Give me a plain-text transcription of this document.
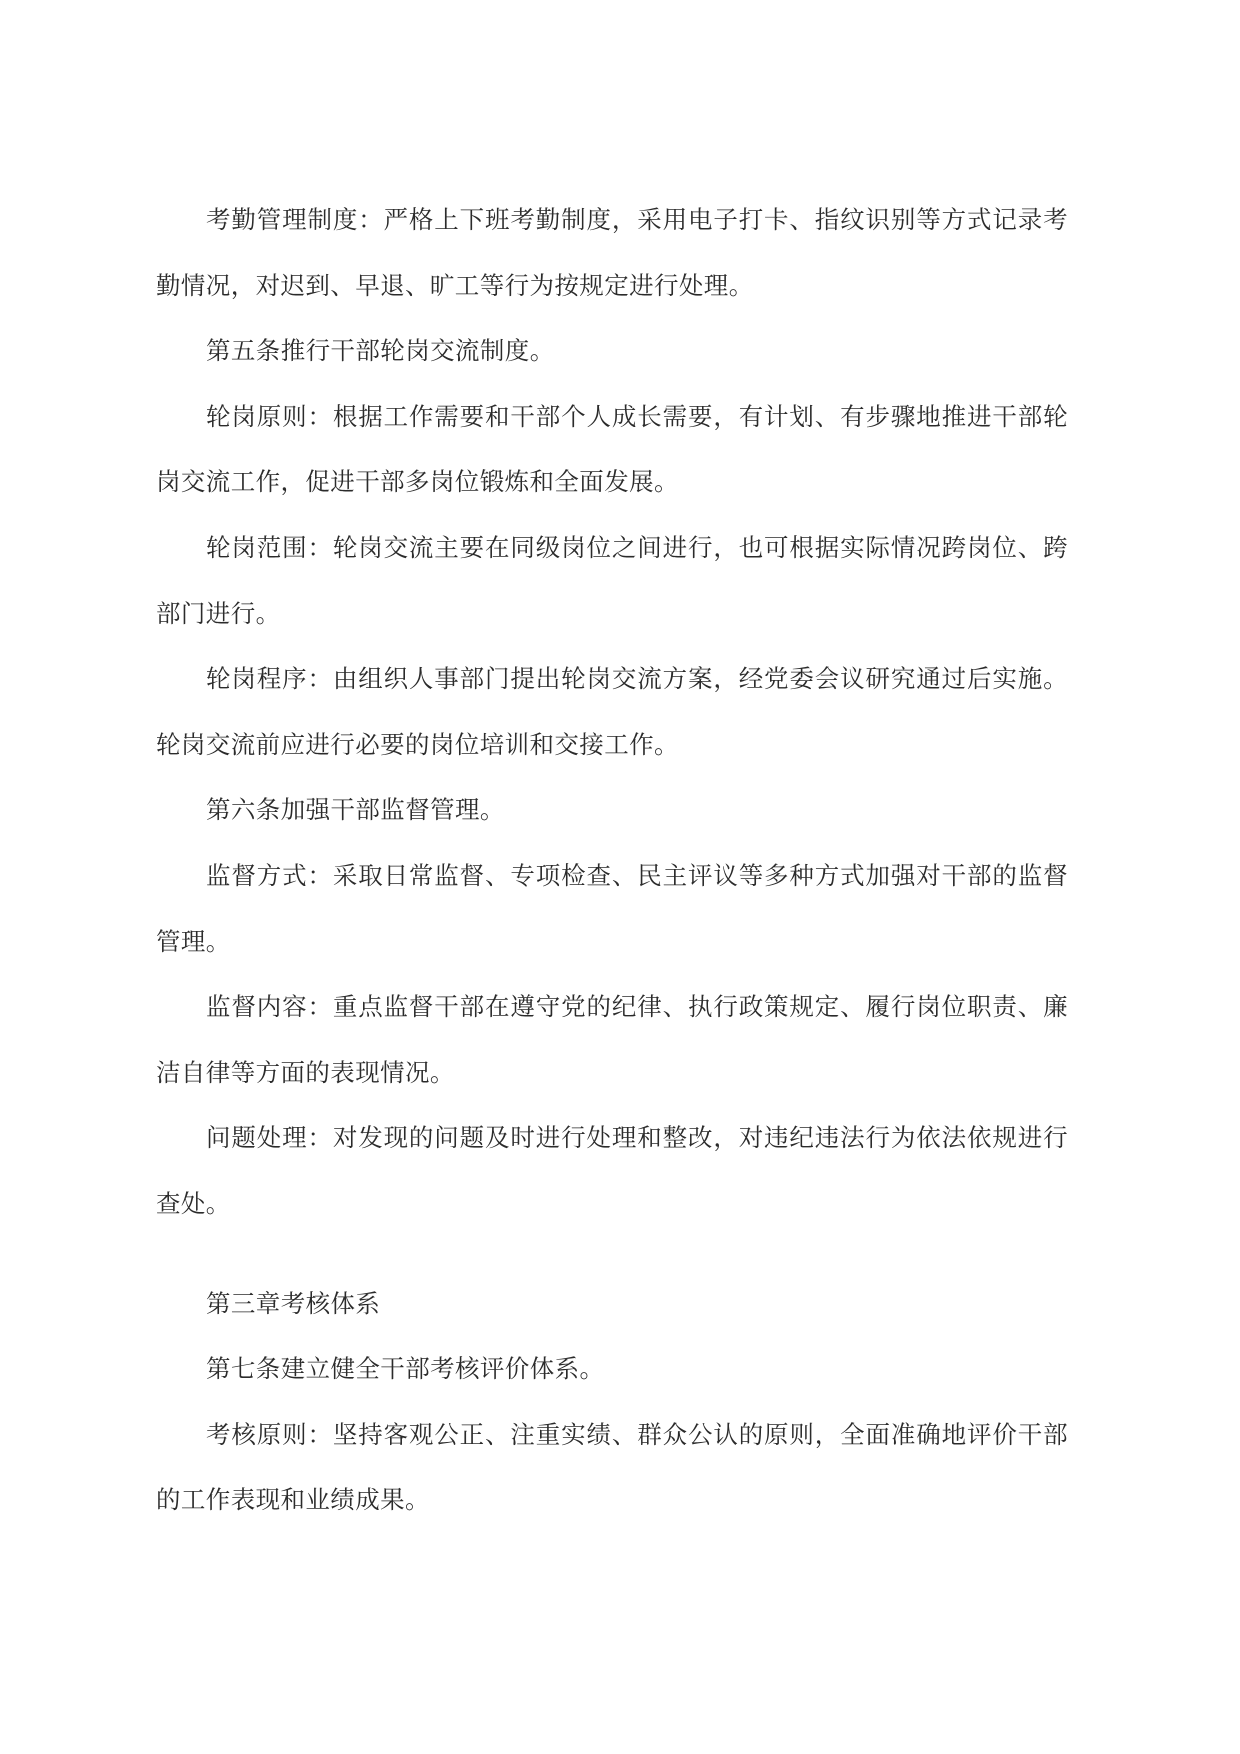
考勤管理制度：严格上下班考勤制度，采用电子打卡、指纹识别等方式记录考勤情况，对迟到、早退、旷工等行为按规定进行处理。

第五条推行干部轮岗交流制度。

轮岗原则：根据工作需要和干部个人成长需要，有计划、有步骤地推进干部轮岗交流工作，促进干部多岗位锻炼和全面发展。

轮岗范围：轮岗交流主要在同级岗位之间进行，也可根据实际情况跨岗位、跨部门进行。

轮岗程序：由组织人事部门提出轮岗交流方案，经党委会议研究通过后实施。轮岗交流前应进行必要的岗位培训和交接工作。

第六条加强干部监督管理。

监督方式：采取日常监督、专项检查、民主评议等多种方式加强对干部的监督管理。

监督内容：重点监督干部在遵守党的纪律、执行政策规定、履行岗位职责、廉洁自律等方面的表现情况。

问题处理：对发现的问题及时进行处理和整改，对违纪违法行为依法依规进行查处。

第三章考核体系

第七条建立健全干部考核评价体系。

考核原则：坚持客观公正、注重实绩、群众公认的原则，全面准确地评价干部的工作表现和业绩成果。
